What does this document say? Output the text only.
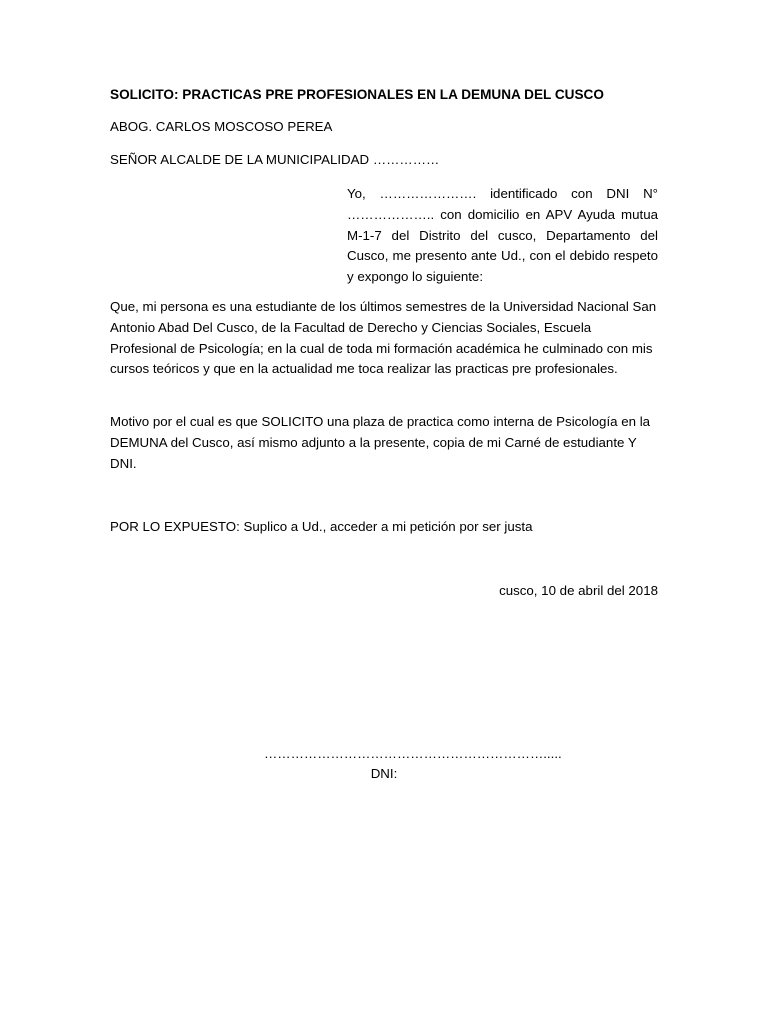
SOLICITO: PRACTICAS PRE PROFESIONALES EN LA DEMUNA DEL CUSCO
ABOG. CARLOS MOSCOSO PEREA
SEÑOR ALCALDE DE LA MUNICIPALIDAD ……………
Yo, …………………. identificado con DNI N° ……………….. con domicilio en APV Ayuda mutua M-1-7 del Distrito del cusco, Departamento del Cusco, me presento ante Ud., con el debido respeto y expongo lo siguiente:
Que, mi persona es una estudiante de los últimos semestres de la Universidad Nacional San Antonio Abad Del Cusco, de la Facultad de Derecho y Ciencias Sociales, Escuela Profesional de Psicología; en la cual de toda mi formación académica he culminado con mis cursos teóricos y que en la actualidad me toca realizar las practicas pre profesionales.
Motivo por el cual es que SOLICITO una plaza de practica como interna de Psicología en la DEMUNA del Cusco, así mismo adjunto a la presente, copia de mi Carné de estudiante Y DNI.
POR LO EXPUESTO: Suplico a Ud., acceder a mi petición por ser justa
cusco, 10 de abril del 2018
……………………………………………………….....
DNI:
